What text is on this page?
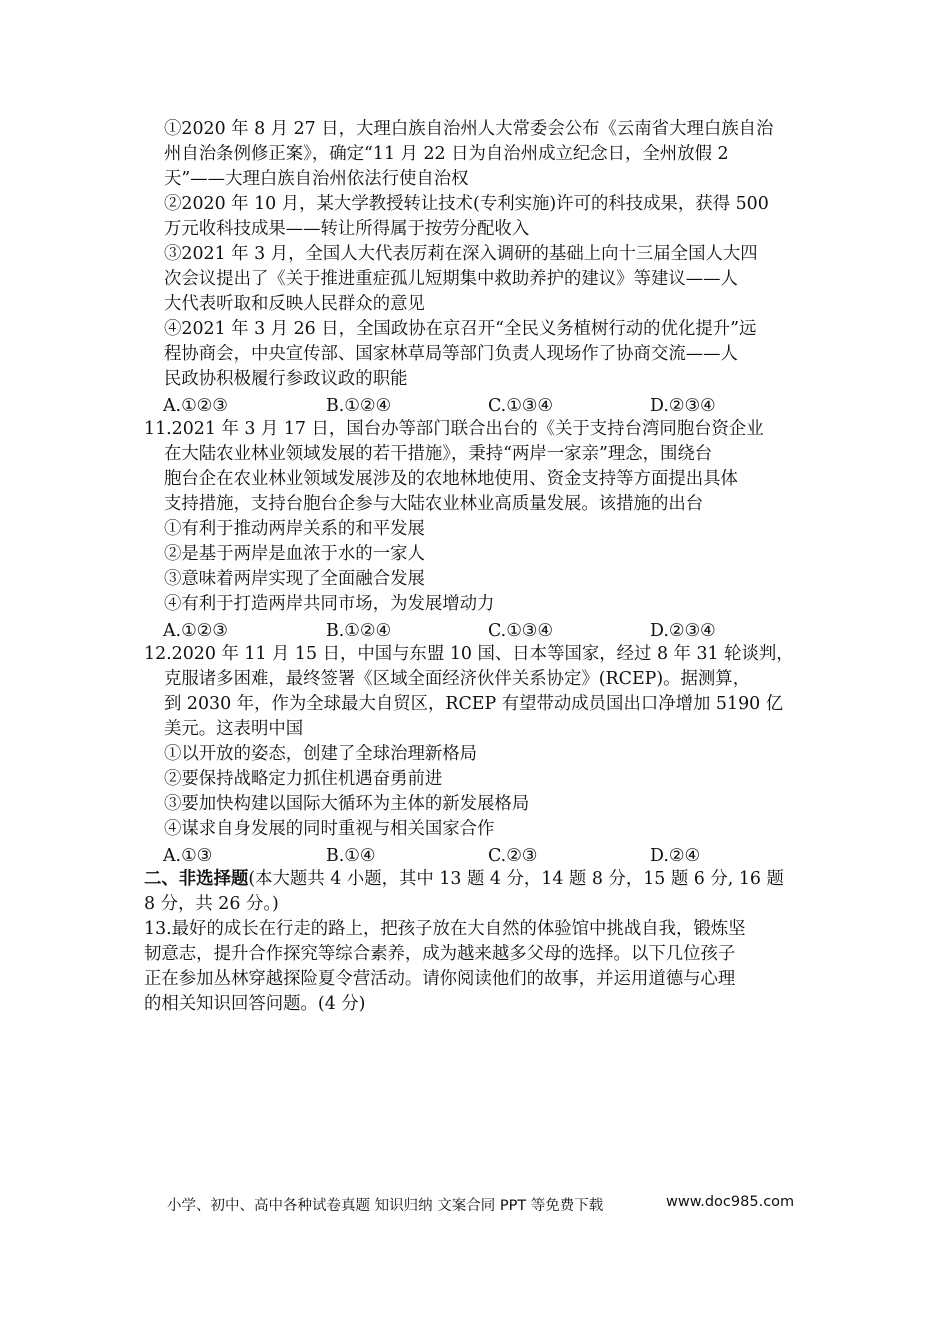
①2020 年 8 月 27 日，大理白族自治州人大常委会公布《云南省大理白族自治
州自治条例修正案》，确定“11 月 22 日为自治州成立纪念日，全州放假 2
天”——大理白族自治州依法行使自治权
②2020 年 10 月，某大学教授转让技术(专利实施)许可的科技成果，获得 500
万元收科技成果——转让所得属于按劳分配收入
③2021 年 3 月，全国人大代表厉莉在深入调研的基础上向十三届全国人大四
次会议提出了《关于推进重症孤儿短期集中救助养护的建议》等建议——人
大代表听取和反映人民群众的意见
④2021 年 3 月 26 日，全国政协在京召开“全民义务植树行动的优化提升”远
程协商会，中央宣传部、国家林草局等部门负责人现场作了协商交流——人
民政协积极履行参政议政的职能
A.①②③	B.①②④	C.①③④	D.②③④
11.2021 年 3 月 17 日，国台办等部门联合出台的《关于支持台湾同胞台资企业
在大陆农业林业领域发展的若干措施》，秉持“两岸一家亲”理念，围绕台
胞台企在农业林业领域发展涉及的农地林地使用、资金支持等方面提出具体
支持措施，支持台胞台企参与大陆农业林业高质量发展。该措施的出台
①有利于推动两岸关系的和平发展
②是基于两岸是血浓于水的一家人
③意味着两岸实现了全面融合发展
④有利于打造两岸共同市场，为发展增动力
A.①②③	B.①②④	C.①③④	D.②③④
12.2020 年 11 月 15 日，中国与东盟 10 国、日本等国家，经过 8 年 31 轮谈判，
克服诸多困难，最终签署《区域全面经济伙伴关系协定》(RCEP)。据测算，
到 2030 年，作为全球最大自贸区，RCEP 有望带动成员国出口净增加 5190 亿
美元。这表明中国
①以开放的姿态，创建了全球治理新格局
②要保持战略定力抓住机遇奋勇前进
③要加快构建以国际大循环为主体的新发展格局
④谋求自身发展的同时重视与相关国家合作
A.①③	B.①④	C.②③	D.②④
二、非选择题(本大题共 4 小题，其中 13 题 4 分，14 题 8 分，15 题 6 分, 16 题
8 分，共 26 分。)
13.最好的成长在行走的路上，把孩子放在大自然的体验馆中挑战自我，锻炼坚
韧意志，提升合作探究等综合素养，成为越来越多父母的选择。以下几位孩子
正在参加丛林穿越探险夏令营活动。请你阅读他们的故事，并运用道德与心理
的相关知识回答问题。(4 分)
小学、初中、高中各种试卷真题 知识归纳 文案合同 PPT 等免费下载	www.doc985.com
